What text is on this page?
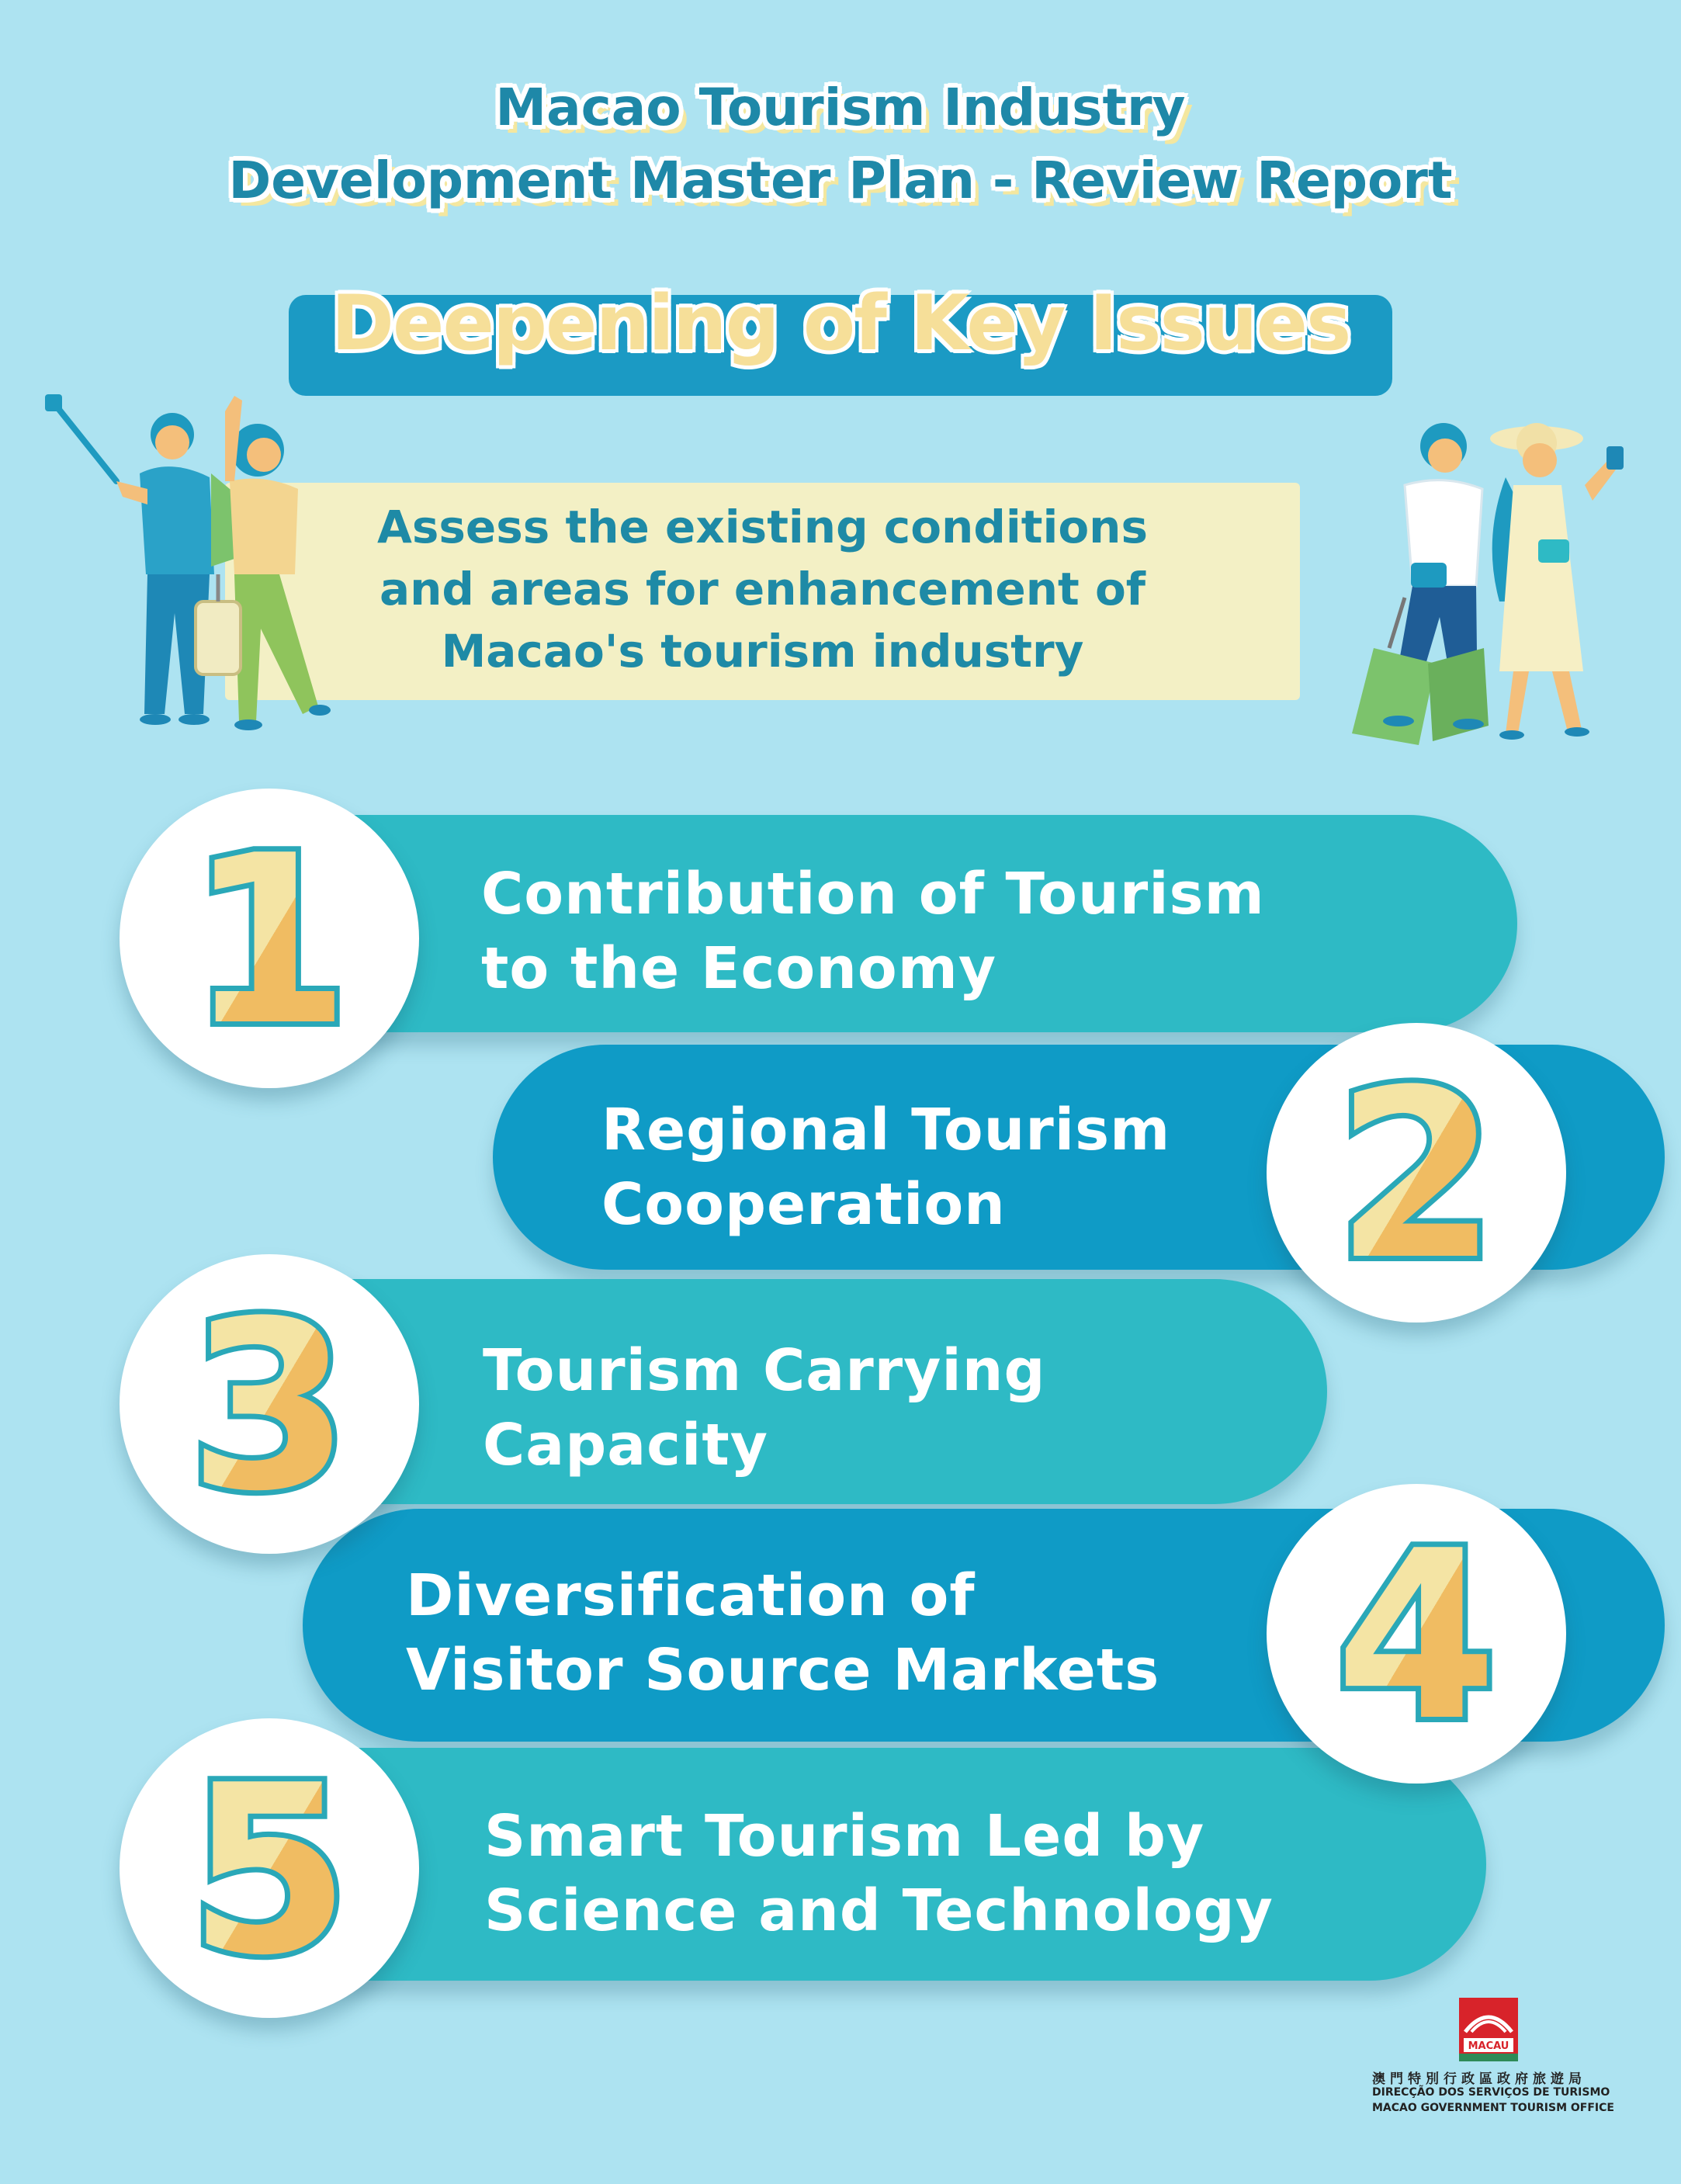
Macao Tourism Industry
Development Master Plan - Review Report
Deepening of Key Issues
Assess the existing conditions
and areas for enhancement of
Macao's tourism industry
Contribution of Tourism
to the Economy
Regional Tourism
Cooperation
Tourism Carrying
Capacity
Diversification of
Visitor Source Markets
Smart Tourism Led by
Science and Technology
1
2
3
4
5
MACAU
澳門特別行政區政府旅遊局
DIRECÇÃO DOS SERVIÇOS DE TURISMO
MACAO GOVERNMENT TOURISM OFFICE
